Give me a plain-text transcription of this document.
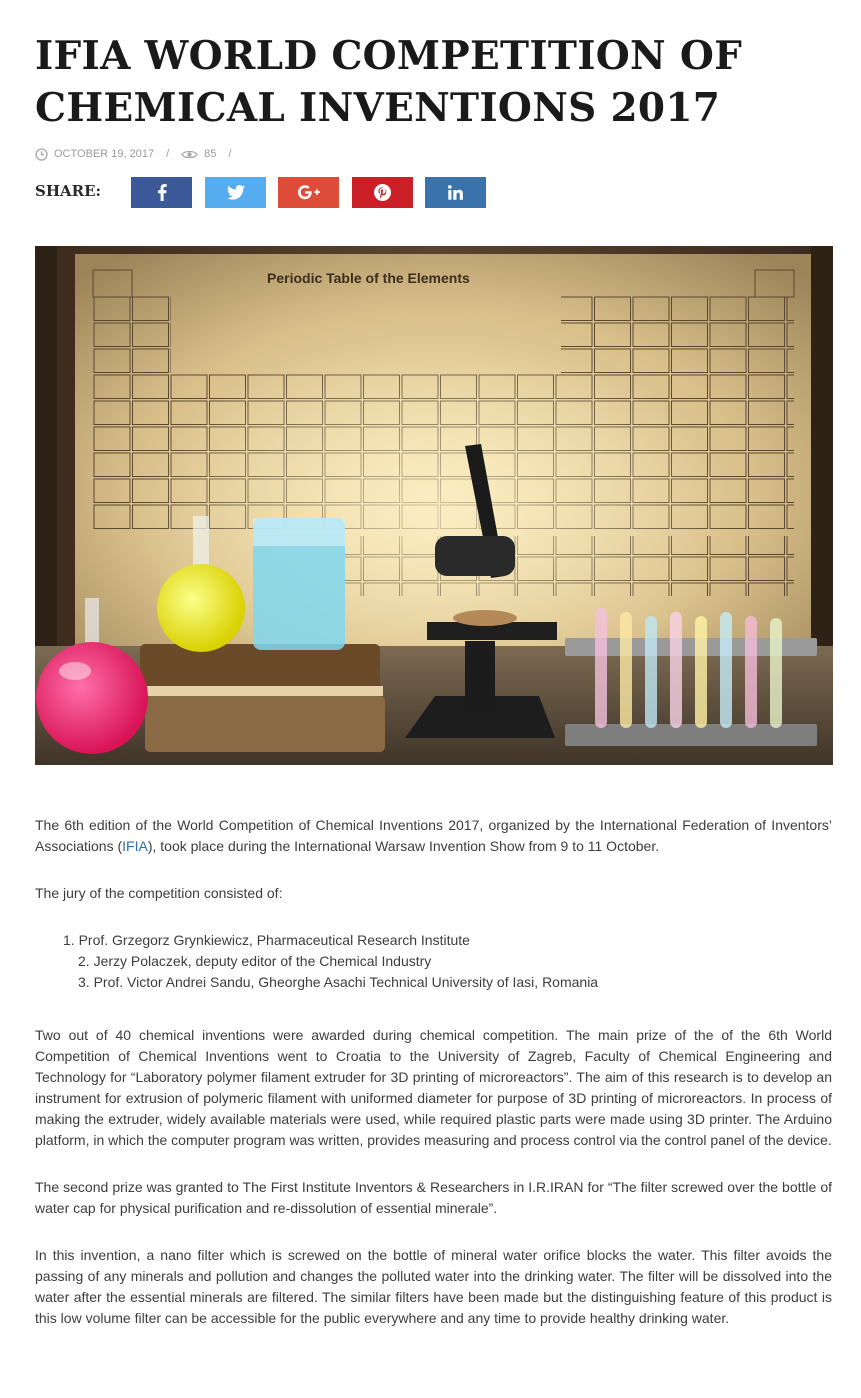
IFIA WORLD COMPETITION OF CHEMICAL INVENTIONS 2017
OCTOBER 19, 2017 /	85 /
SHARE:
Periodic Table of the Elements

The 6th edition of the World Competition of Chemical Inventions 2017, organized by the International Federation of Inventors’ Associations (IFIA), took place during the International Warsaw Invention Show from 9 to 11 October.

The jury of the competition consisted of:

1. Prof. Grzegorz Grynkiewicz, Pharmaceutical Research Institute
2. Jerzy Polaczek, deputy editor of the Chemical Industry
3. Prof. Victor Andrei Sandu, Gheorghe Asachi Technical University of Iasi, Romania

Two out of 40 chemical inventions were awarded during chemical competition. The main prize of the of the 6th World Competition of Chemical Inventions went to Croatia to the University of Zagreb, Faculty of Chemical Engineering and Technology for “Laboratory polymer filament extruder for 3D printing of microreactors”. The aim of this research is to develop an instrument for extrusion of polymeric filament with uniformed diameter for purpose of 3D printing of microreactors. In process of making the extruder, widely available materials were used, while required plastic parts were made using 3D printer. The Arduino platform, in which the computer program was written, provides measuring and process control via the control panel of the device.

The second prize was granted to The First Institute Inventors & Researchers in I.R.IRAN for “The filter screwed over the bottle of water cap for physical purification and re-dissolution of essential minerale”.

In this invention, a nano filter which is screwed on the bottle of mineral water orifice blocks the water. This filter avoids the passing of any minerals and pollution and changes the polluted water into the drinking water. The filter will be dissolved into the water after the essential minerals are filtered. The similar filters have been made but the distinguishing feature of this product is this low volume filter can be accessible for the public everywhere and any time to provide healthy drinking water.
